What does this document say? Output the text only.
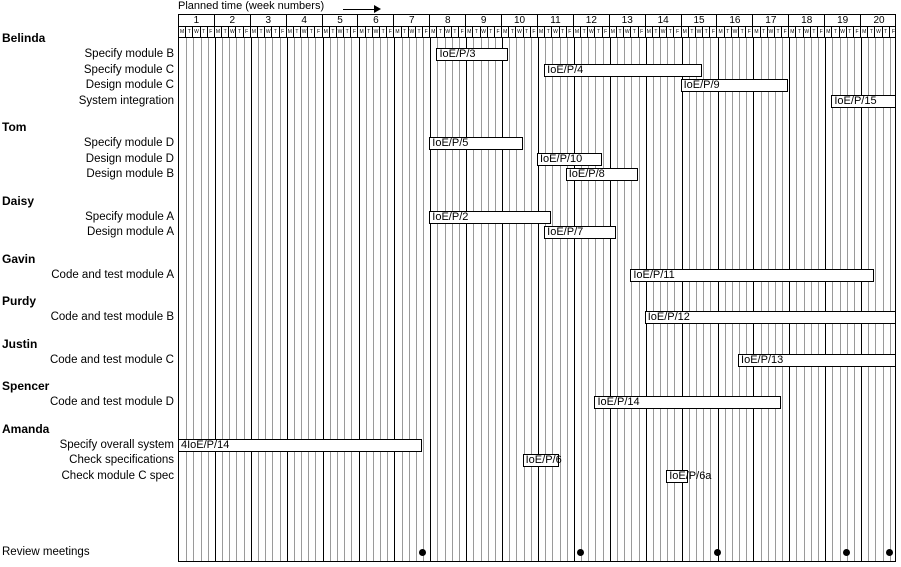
Planned time (week numbers)
1	2	3	4	5	6	7	8	9	10	11	12	13	14	15	16	17	18	19	20
M T W T F M T W T F M T W T F M T W T F M T W T F M T W T F M T W T F M T W T F M T W T F M T W T F M T W T F M T W T F M T W T F M T W T F M T W T F M T W T F M T W T F M T W T F M T W T F M T W T F
Belinda
Specify module B	IoE/P/3
Specify module C	IoE/P/4
Design module C	IoE/P/9
System integration	IoE/P/15
Tom
Specify module D	IoE/P/5
Design module D	IoE/P/10
Design module B	IoE/P/8
Daisy
Specify module A	IoE/P/2
Design module A	IoE/P/7
Gavin
Code and test module A	IoE/P/11
Purdy
Code and test module B	IoE/P/12
Justin
Code and test module C	IoE/P/13
Spencer
Code and test module D	IoE/P/14
Amanda
Specify overall system 4IoE/P/14
Check specifications	IoE/P/6
Check module C spec	IoE/P/6a
Review meetings
